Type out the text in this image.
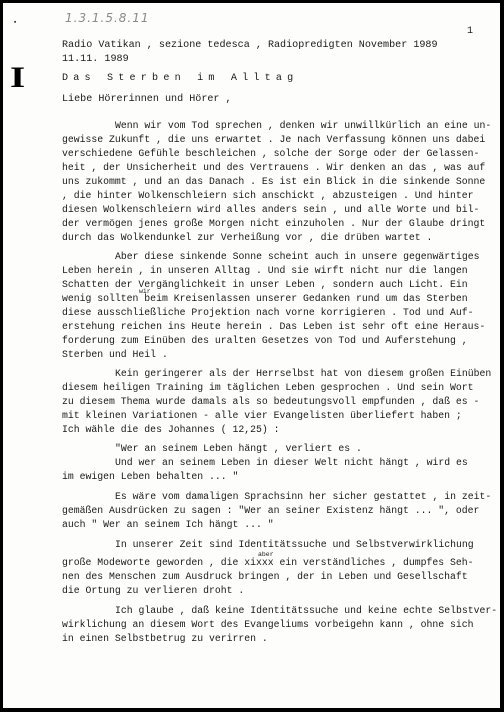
▪	1.3.1.5.8.11
I
1
Radio Vatikan , sezione tedesca , Radiopredigten November 1989
11.11. 1989
Das Sterben im Alltag
Liebe Hörerinnen und Hörer ,
Wenn wir vom Tod sprechen , denken wir unwillkürlich an eine un-
gewisse Zukunft , die uns erwartet . Je nach Verfassung können uns dabei
verschiedene Gefühle beschleichen , solche der Sorge oder der Gelassen-
heit , der Unsicherheit und des Vertrauens . Wir denken an das , was auf
uns zukommt , und an das Danach . Es ist ein Blick in die sinkende Sonne
, die hinter Wolkenschleiern sich anschickt , abzusteigen . Und hinter
diesen Wolkenschleiern wird alles anders sein , und alle Worte und bil-
der vermögen jenes große Morgen nicht einzuholen . Nur der Glaube dringt
durch das Wolkendunkel zur Verheißung vor , die drüben wartet .
Aber diese sinkende Sonne scheint auch in unsere gegenwärtiges
Leben herein , in unseren Alltag . Und sie wirft nicht nur die langen
Schatten der Vergänglichkeit in unser Leben , sondern auch Licht. Ein
wir
wenig sollten beim Kreisenlassen unserer Gedanken rund um das Sterben
diese ausschließliche Projektion nach vorne korrigieren . Tod und Auf-
erstehung reichen ins Heute herein . Das Leben ist sehr oft eine Heraus-
forderung zum Einüben des uralten Gesetzes von Tod und Auferstehung ,
Sterben und Heil .
Kein geringerer als der Herrselbst hat von diesem großen Einüben
diesem heiligen Training im täglichen Leben gesprochen . Und sein Wort
zu diesem Thema wurde damals als so bedeutungsvoll empfunden , daß es -
mit kleinen Variationen - alle vier Evangelisten überliefert haben ;
Ich wähle die des Johannes ( 12,25) :
"Wer an seinem Leben hängt , verliert es .
Und wer an seinem Leben in dieser Welt nicht hängt , wird es
im ewigen Leben behalten ... "
Es wäre vom damaligen Sprachsinn her sicher gestattet , in zeit-
gemäßen Ausdrücken zu sagen : "Wer an seiner Existenz hängt ... ", oder
auch " Wer an seinem Ich hängt ... "
In unserer Zeit sind Identitätssuche und Selbstverwirklichung
aber
große Modeworte geworden , die xixxx ein verständliches , dumpfes Seh-
nen des Menschen zum Ausdruck bringen , der in Leben und Gesellschaft
die Ortung zu verlieren droht .
Ich glaube , daß keine Identitätssuche und keine echte Selbstver-
wirklichung an diesem Wort des Evangeliums vorbeigehn kann , ohne sich
in einen Selbstbetrug zu verirren .
